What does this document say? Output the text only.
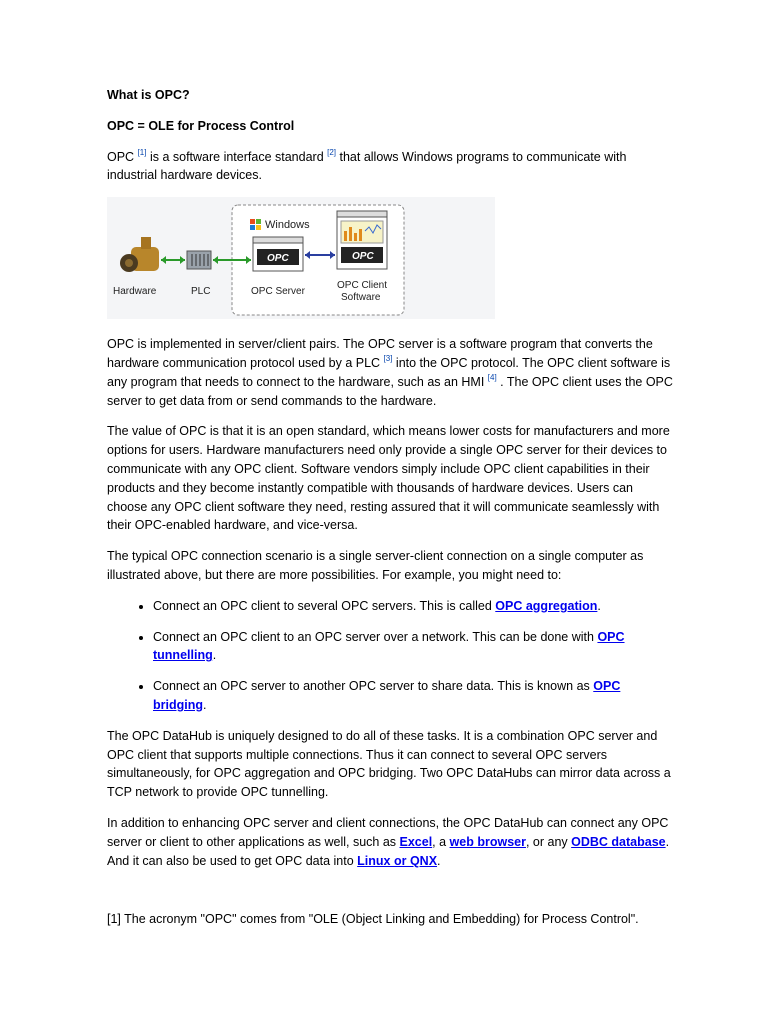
What is OPC?
OPC = OLE for Process Control

OPC [1] is a software interface standard [2] that allows Windows programs to communicate with industrial hardware devices.

Windows
Hardware	PLC
OPC
OPC Server
OPC
OPC Client
Software

OPC is implemented in server/client pairs. The OPC server is a software program that converts the hardware communication protocol used by a PLC [3] into the OPC protocol. The OPC client software is any program that needs to connect to the hardware, such as an HMI [4] . The OPC client uses the OPC server to get data from or send commands to the hardware.

The value of OPC is that it is an open standard, which means lower costs for manufacturers and more options for users. Hardware manufacturers need only provide a single OPC server for their devices to communicate with any OPC client. Software vendors simply include OPC client capabilities in their products and they become instantly compatible with thousands of hardware devices. Users can choose any OPC client software they need, resting assured that it will communicate seamlessly with their OPC-enabled hardware, and vice-versa.

The typical OPC connection scenario is a single server-client connection on a single computer as illustrated above, but there are more possibilities. For example, you might need to:

• Connect an OPC client to several OPC servers. This is called OPC aggregation.
• Connect an OPC client to an OPC server over a network. This can be done with OPC tunnelling.
• Connect an OPC server to another OPC server to share data. This is known as OPC bridging.

The OPC DataHub is uniquely designed to do all of these tasks. It is a combination OPC server and OPC client that supports multiple connections. Thus it can connect to several OPC servers simultaneously, for OPC aggregation and OPC bridging. Two OPC DataHubs can mirror data across a TCP network to provide OPC tunnelling.

In addition to enhancing OPC server and client connections, the OPC DataHub can connect any OPC server or client to other applications as well, such as Excel, a web browser, or any ODBC database. And it can also be used to get OPC data into Linux or QNX.

[1] The acronym "OPC" comes from "OLE (Object Linking and Embedding) for Process Control".
